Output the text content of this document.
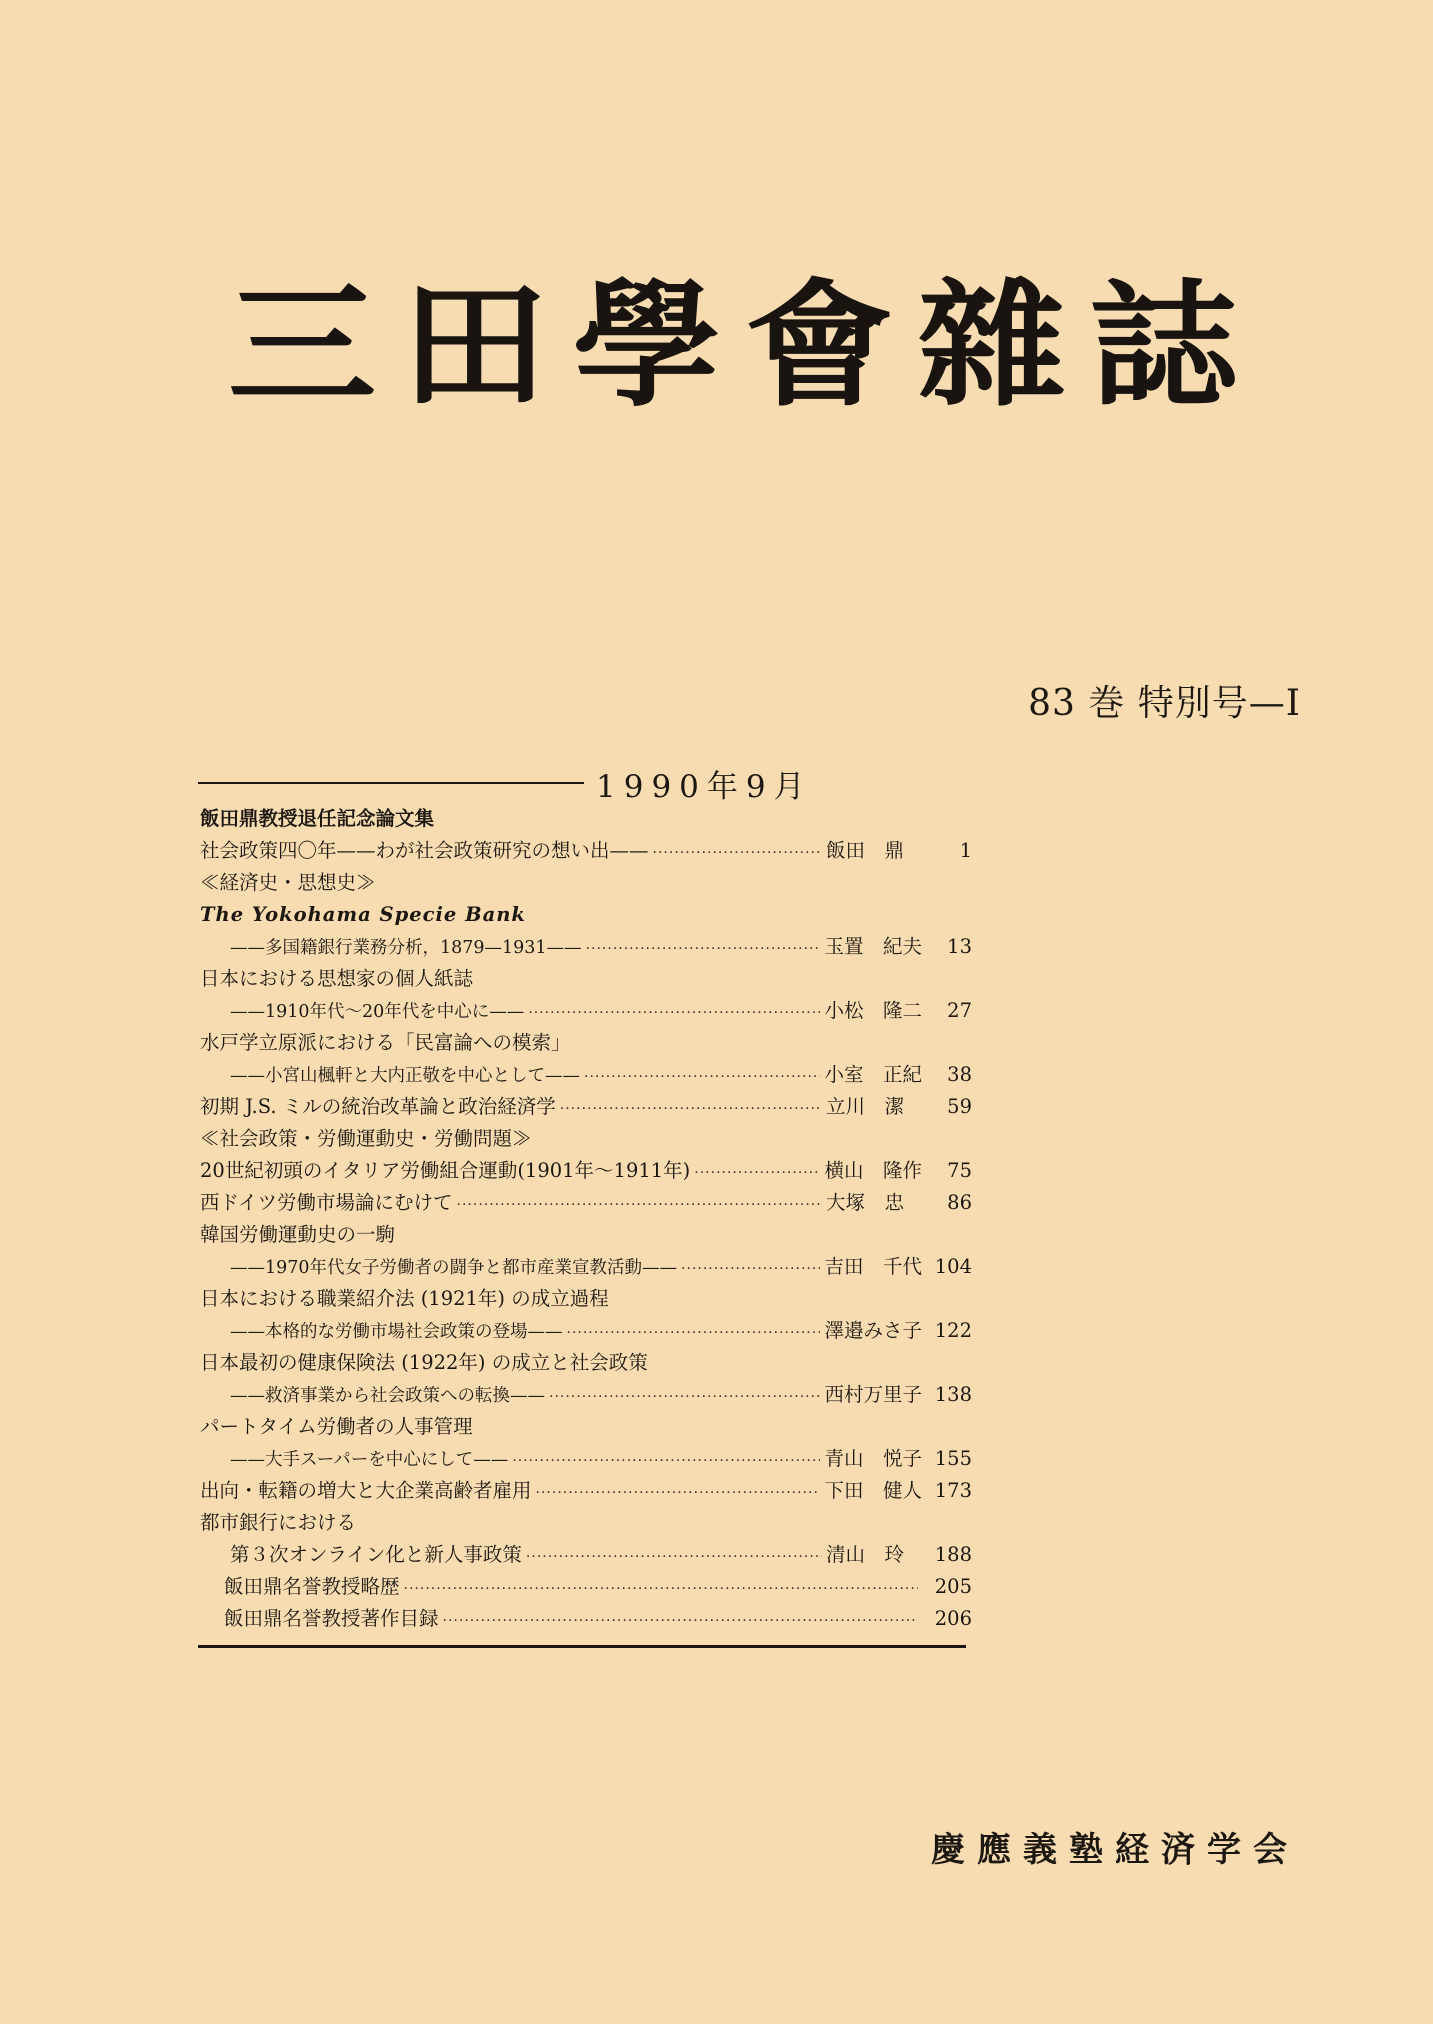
三 田 學 會 雜 誌
83 巻 特別号—I
1990年9月
飯田鼎教授退任記念論文集
社会政策四〇年——わが社会政策研究の想い出—— ·····	飯田　鼎	1
≪経済史・思想史≫
The Yokohama Specie Bank
——多国籍銀行業務分析，1879—1931—— ·····	玉置　紀夫	13
日本における思想家の個人紙誌
——1910年代〜20年代を中心に—— ·····	小松　隆二	27
水戸学立原派における「民富論への模索」
——小宮山楓軒と大内正敬を中心として—— ·····	小室　正紀	38
初期 J.S. ミルの統治改革論と政治経済学 ·····	立川　潔	59
≪社会政策・労働運動史・労働問題≫
20世紀初頭のイタリア労働組合運動(1901年〜1911年) ·····	横山　隆作	75
西ドイツ労働市場論にむけて ·····	大塚　忠	86
韓国労働運動史の一駒
——1970年代女子労働者の闘争と都市産業宣教活動—— ·····	吉田　千代 104
日本における職業紹介法 (1921年) の成立過程
——本格的な労働市場社会政策の登場—— ·····	澤邉みさ子 122
日本最初の健康保険法 (1922年) の成立と社会政策
——救済事業から社会政策への転換—— ·····	西村万里子 138
パートタイム労働者の人事管理
——大手スーパーを中心にして—— ·····	青山　悦子 155
出向・転籍の増大と大企業高齢者雇用 ·····	下田　健人 173
都市銀行における
第３次オンライン化と新人事政策 ·····	清山　玲	188
飯田鼎名誉教授略歴 ·····	205
飯田鼎名誉教授著作目録 ·····	206
慶應義塾経済学会
